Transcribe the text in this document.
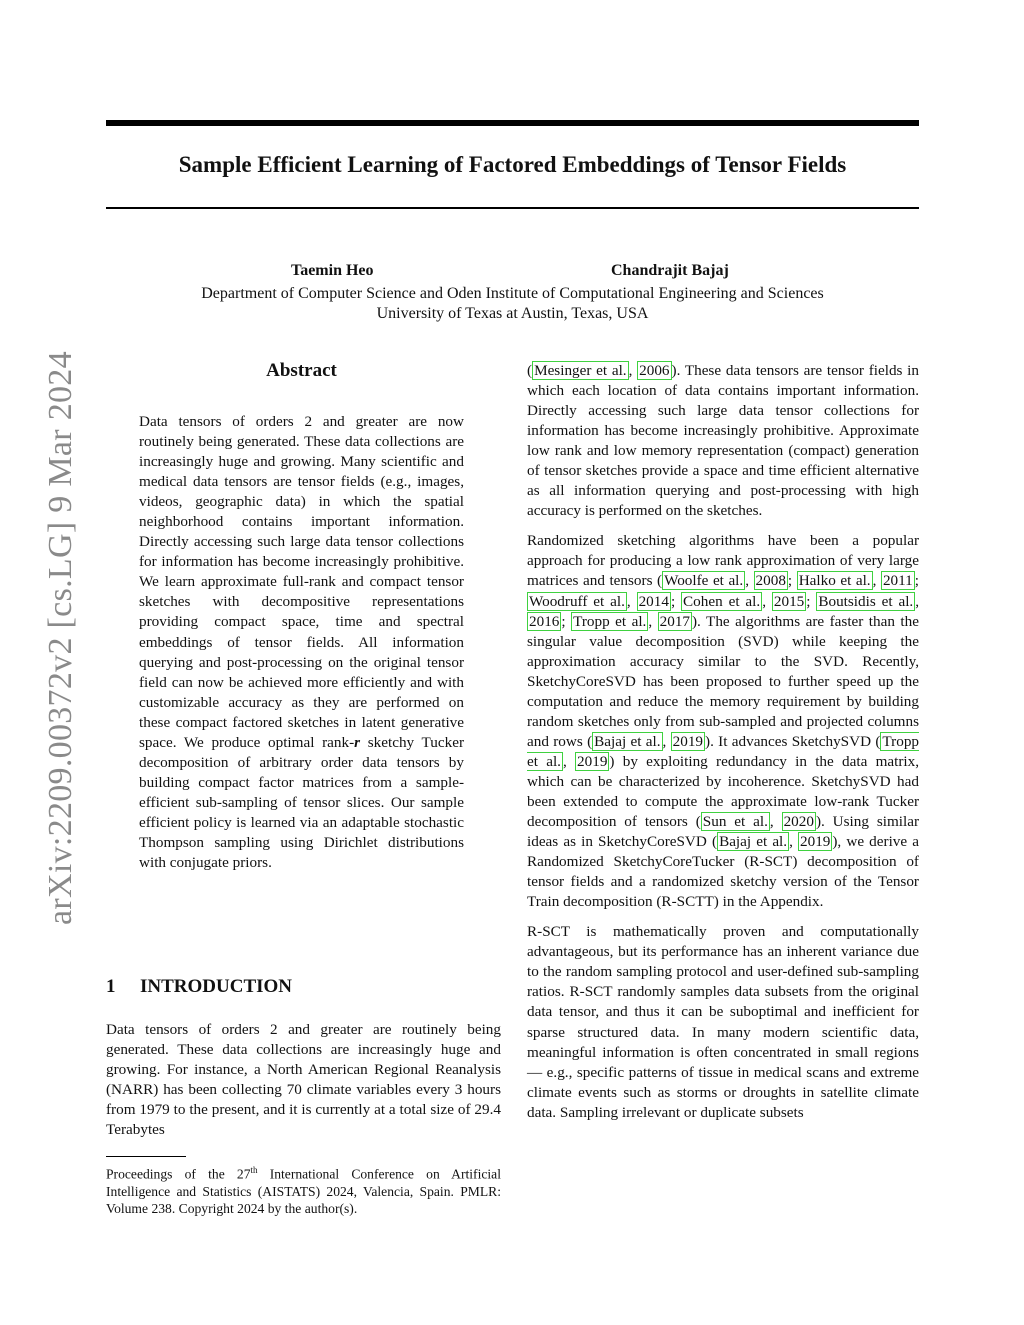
Sample Efficient Learning of Factored Embeddings of Tensor Fields
Taemin Heo	Chandrajit Bajaj
Department of Computer Science and Oden Institute of Computational Engineering and Sciences
University of Texas at Austin, Texas, USA
arXiv:2209.00372v2 [cs.LG] 9 Mar 2024	Abstract

Data tensors of orders 2 and greater are now routinely being generated. These data collections are increasingly huge and growing. Many scientific and medical data tensors are tensor fields (e.g., images, videos, geographic data) in which the spatial neighborhood contains important information. Directly accessing such large data tensor collections for information has become increasingly prohibitive. We learn approximate full-rank and compact tensor sketches with decompositive representations providing compact space, time and spectral embeddings of tensor fields. All information querying and post-processing on the original tensor field can now be achieved more efficiently and with customizable accuracy as they are performed on these compact factored sketches in latent generative space. We produce optimal rank-r sketchy Tucker decomposition of arbitrary order data tensors by building compact factor matrices from a sample-efficient sub-sampling of tensor slices. Our sample efficient policy is learned via an adaptable stochastic Thompson sampling using Dirichlet distributions with conjugate priors.

1 INTRODUCTION

Data tensors of orders 2 and greater are routinely being generated. These data collections are increasingly huge and growing. For instance, a North American Regional Reanalysis (NARR) has been collecting 70 climate variables every 3 hours from 1979 to the present, and it is currently at a total size of 29.4 Terabytes

Proceedings of the 27th International Conference on Artificial Intelligence and Statistics (AISTATS) 2024, Valencia, Spain. PMLR: Volume 238. Copyright 2024 by the author(s).

( Mesinger et al. , 2006 ). These data tensors are tensor fields in which each location of data contains important information. Directly accessing such large data tensor collections for information has become increasingly prohibitive. Approximate low rank and low memory representation (compact) generation of tensor sketches provide a space and time efficient alternative as all information querying and post-processing with high accuracy is performed on the sketches.

Randomized sketching algorithms have been a popular approach for producing a low rank approximation of very large matrices and tensors ( Woolfe et al. , 2008 ; Halko et al. , 2011 ; Woodruff et al. , 2014 ; Cohen et al. , 2015 ; Boutsidis et al. , 2016 ; Tropp et al. , 2017 ). The algorithms are faster than the singular value decomposition (SVD) while keeping the approximation accuracy similar to the SVD. Recently, SketchyCoreSVD has been proposed to further speed up the computation and reduce the memory requirement by building random sketches only from sub-sampled and projected columns and rows ( Bajaj et al. , 2019 ). It advances SketchySVD ( Tropp et al. , 2019 ) by exploiting redundancy in the data matrix, which can be characterized by incoherence. SketchySVD had been extended to compute the approximate low-rank Tucker decomposition of tensors ( Sun et al. , 2020 ). Using similar ideas as in SketchyCoreSVD ( Bajaj et al. , 2019 ), we derive a Randomized SketchyCoreTucker (R-SCT) decomposition of tensor fields and a randomized sketchy version of the Tensor Train decomposition (R-SCTT) in the Appendix.

R-SCT is mathematically proven and computationally advantageous, but its performance has an inherent variance due to the random sampling protocol and user-defined sub-sampling ratios. R-SCT randomly samples data subsets from the original data tensor, and thus it can be suboptimal and inefficient for sparse structured data. In many modern scientific data, meaningful information is often concentrated in small regions — e.g., specific patterns of tissue in medical scans and extreme climate events such as storms or droughts in satellite climate data. Sampling irrelevant or duplicate subsets
